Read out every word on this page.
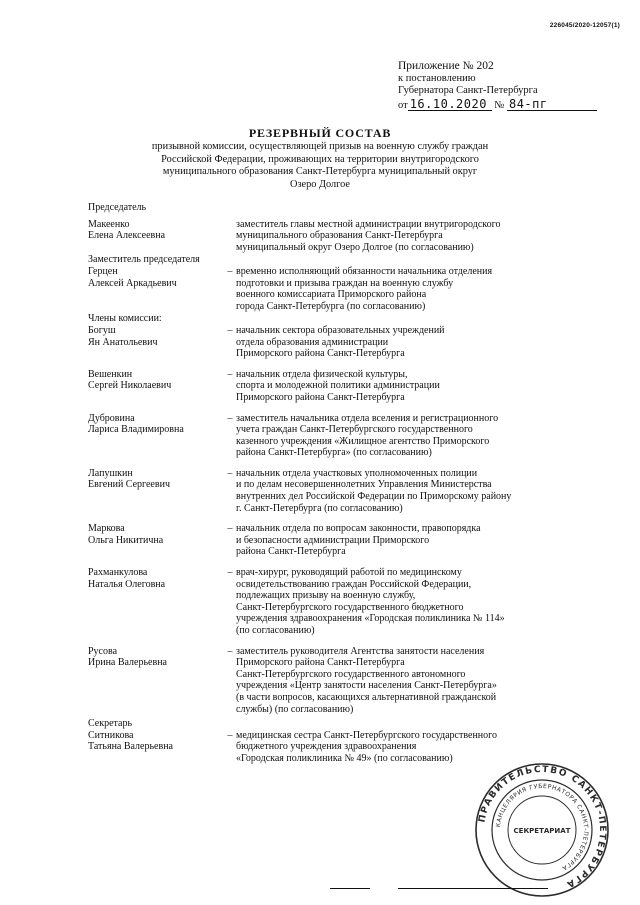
226045/2020-12057(1)
Приложение № 202
к постановлению
Губернатора Санкт-Петербурга
от 16.10.2020 № 84-пг
РЕЗЕРВНЫЙ СОСТАВ
призывной комиссии, осуществляющей призыв на военную службу граждан
Российской Федерации, проживающих на территории внутригородского
муниципального образования Санкт-Петербурга муниципальный округ
Озеро Долгое
Председатель
Макеенко
Елена Алексеевна
заместитель главы местной администрации внутригородского
муниципального образования Санкт-Петербурга
муниципальный округ Озеро Долгое (по согласованию)
Заместитель председателя
Герцен
Алексей Аркадьевич
– временно исполняющий обязанности начальника отделения
подготовки и призыва граждан на военную службу
военного комиссариата Приморского района
города Санкт-Петербурга (по согласованию)
Члены комиссии:
Богуш
Ян Анатольевич
– начальник сектора образовательных учреждений
отдела образования администрации
Приморского района Санкт-Петербурга
Вешенкин
Сергей Николаевич
– начальник отдела физической культуры,
спорта и молодежной политики администрации
Приморского района Санкт-Петербурга
Дубровина
Лариса Владимировна
– заместитель начальника отдела вселения и регистрационного
учета граждан Санкт-Петербургского государственного
казенного учреждения «Жилищное агентство Приморского
района Санкт-Петербурга» (по согласованию)
Лапушкин
Евгений Сергеевич
– начальник отдела участковых уполномоченных полиции
и по делам несовершеннолетних Управления Министерства
внутренних дел Российской Федерации по Приморскому району
г. Санкт-Петербурга (по согласованию)
Маркова
Ольга Никитична
– начальник отдела по вопросам законности, правопорядка
и безопасности администрации Приморского
района Санкт-Петербурга
Рахманкулова
Наталья Олеговна
– врач-хирург, руководящий работой по медицинскому
освидетельствованию граждан Российской Федерации,
подлежащих призыву на военную службу,
Санкт-Петербургского государственного бюджетного
учреждения здравоохранения «Городская поликлиника № 114»
(по согласованию)
Русова
Ирина Валерьевна
– заместитель руководителя Агентства занятости населения
Приморского района Санкт-Петербурга
Санкт-Петербургского государственного автономного
учреждения «Центр занятости населения Санкт-Петербурга»
(в части вопросов, касающихся альтернативной гражданской
службы) (по согласованию)
Секретарь
Ситникова
Татьяна Валерьевна
– медицинская сестра Санкт-Петербургского государственного
бюджетного учреждения здравоохранения
«Городская поликлиника № 49» (по согласованию)
ПРАВИТЕЛЬСТВО САНКТ-ПЕТЕРБУРГА
КАНЦЕЛЯРИЯ ГУБЕРНАТОРА САНКТ-ПЕТЕРБУРГА
СЕКРЕТАРИАТ
